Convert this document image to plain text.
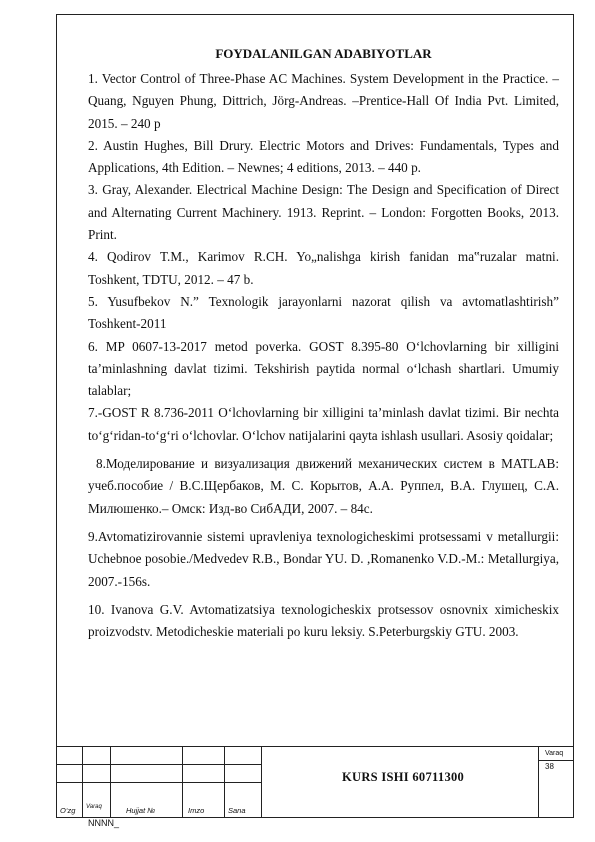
FOYDALANILGAN ADABIYOTLAR

1. Vector Control of Three-Phase AC Machines. System Development in the Practice. – Quang, Nguyen Phung, Dittrich, Jörg-Andreas. –Prentice-Hall Of India Pvt. Limited, 2015. – 240 p

2. Austin Hughes, Bill Drury. Electric Motors and Drives: Fundamentals, Types and Applications, 4th Edition. – Newnes; 4 editions, 2013. – 440 p.

3. Gray, Alexander. Electrical Machine Design: The Design and Specification of Direct and Alternating Current Machinery. 1913. Reprint. – London: Forgotten Books, 2013. Print.

4. Qodirov T.M., Karimov R.CH. Yo„nalishga kirish fanidan ma‟ruzalar matni. Toshkent, TDTU, 2012. – 47 b.

5. Yusufbekov N.” Texnologik jarayonlarni nazorat qilish va avtomatlashtirish” Toshkent-2011

6. MP 0607-13-2017 metod poverka. GOST 8.395-80 O‘lchovlarning bir xilligini ta’minlashning davlat tizimi. Tekshirish paytida normal o‘lchash shartlari. Umumiy talablar;

7.-GOST R 8.736-2011 O‘lchovlarning bir xilligini ta’minlash davlat tizimi. Bir nechta to‘g‘ridan-to‘g‘ri o‘lchovlar. O‘lchov natijalarini qayta ishlash usullari. Asosiy qoidalar;

8.Моделирование и визуализация движений механических систем в MATLAB: учеб.пособие / В.С.Щербаков, М. С. Корытов, А.А. Руппел, В.А. Глушец, С.А. Милюшенко.– Омск: Изд-во СибАДИ, 2007. – 84с.

9.Avtomatizirovannie sistemi upravleniya texnologicheskimi protsessami v metallurgii: Uchebnoe posobie./Medvedev R.B., Bondar YU. D. ,Romanenko V.D.-M.: Metallurgiya, 2007.-156s.

10. Ivanova G.V. Avtomatizatsiya texnologicheskix protsessov osnovnix ximicheskix proizvodstv. Metodicheskie materiali po kuru leksiy. S.Peterburgskiy GTU. 2003.

KURS ISHI 60711300
Varaq
38
O‘zg Varaq	Hujjat №	Imzo	Sana
NNNN_
